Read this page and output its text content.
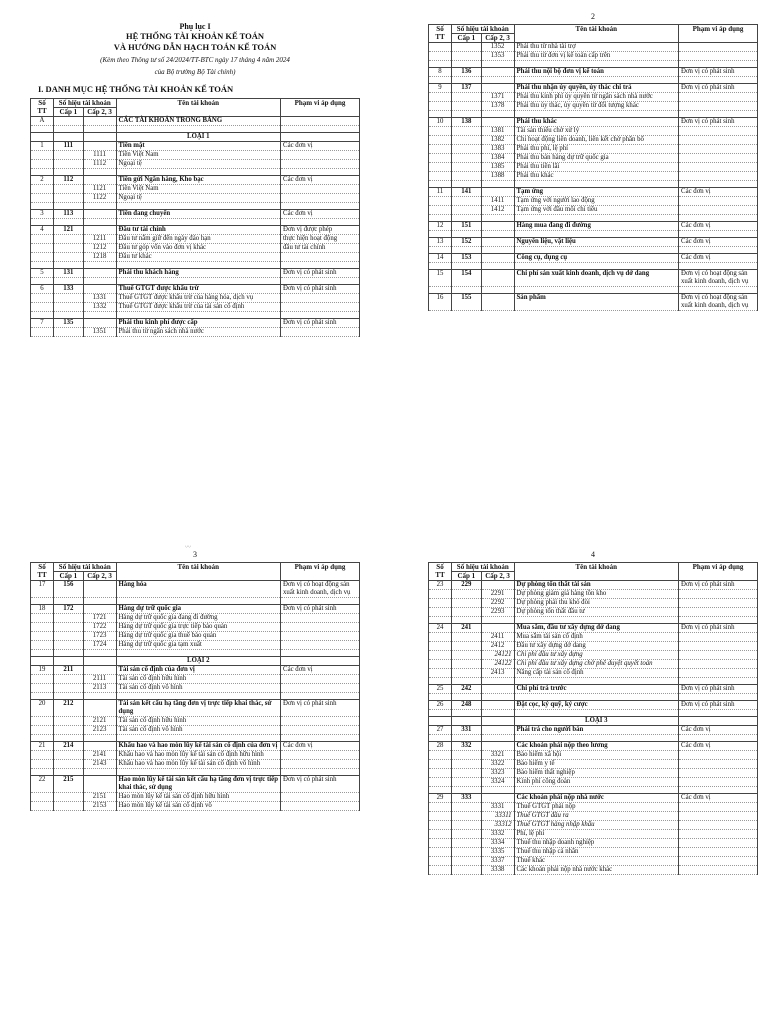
Phụ lục I
HỆ THỐNG TÀI KHOẢN KẾ TOÁN
VÀ HƯỚNG DẪN HẠCH TOÁN KẾ TOÁN
(Kèm theo Thông tư số 24/2024/TT-BTC ngày 17 tháng 4 năm 2024
của Bộ trưởng Bộ Tài chính)
I. DANH MỤC HỆ THỐNG TÀI KHOẢN KẾ TOÁN
Số TT	Số hiệu tài khoản		Tên tài khoản	Phạm vi áp dụng
	Cấp 1	Cấp 2, 3		
A			CÁC TÀI KHOẢN TRONG BẢNG	

			LOẠI 1	
1	111		Tiền mặt	Các đơn vị
		1111	Tiền Việt Nam	
		1112	Ngoại tệ	

2	112		Tiền gửi Ngân hàng, Kho bạc	Các đơn vị
		1121	Tiền Việt Nam	
		1122	Ngoại tệ	

3	113		Tiền đang chuyển	Các đơn vị

4	121		Đầu tư tài chính	Đơn vị được phép
		1211	Đầu tư nắm giữ đến ngày đáo hạn	thực hiện hoạt động
		1212	Đầu tư góp vốn vào đơn vị khác	đầu tư tài chính
		1218	Đầu tư khác	

5	131		Phải thu khách hàng	Đơn vị có phát sinh

6	133		Thuế GTGT được khấu trừ	Đơn vị có phát sinh
		1331	Thuế GTGT được khấu trừ của hàng hóa, dịch vụ	
		1332	Thuế GTGT được khấu trừ của tài sản cố định	

7	135		Phải thu kinh phí được cấp	Đơn vị có phát sinh
		1351	Phải thu từ ngân sách nhà nước	
2
Số TT	Số hiệu tài khoản		Tên tài khoản	Phạm vi áp dụng
	Cấp 1	Cấp 2, 3		
		1352	Phải thu từ nhà tài trợ	
		1353	Phải thu từ đơn vị kế toán cấp trên	

8	136		Phải thu nội bộ đơn vị kế toán	Đơn vị có phát sinh

9	137		Phải thu nhận ủy quyền, ủy thác chi trả	Đơn vị có phát sinh
		1371	Phải thu kinh phí ủy quyền từ ngân sách nhà nước	
		1378	Phải thu ủy thác, ủy quyền từ đối tượng khác	

10	138		Phải thu khác	Đơn vị có phát sinh
		1381	Tài sản thiếu chờ xử lý	
		1382	Chi hoạt động liên doanh, liên kết chờ phân bổ	
		1383	Phải thu phí, lệ phí	
		1384	Phải thu bán hàng dự trữ quốc gia	
		1385	Phải thu tiền lãi	
		1388	Phải thu khác	

11	141		Tạm ứng	Các đơn vị
		1411	Tạm ứng với người lao động	
		1412	Tạm ứng với đầu mối chi tiêu	

12	151		Hàng mua đang đi đường	Các đơn vị

13	152		Nguyên liệu, vật liệu	Các đơn vị

14	153		Công cụ, dụng cụ	Các đơn vị

15	154		Chi phí sản xuất kinh doanh, dịch vụ dở dang	Đơn vị có hoạt động sản xuất kinh doanh, dịch vụ

16	155		Sản phẩm	Đơn vị có hoạt động sản xuất kinh doanh, dịch vụ
3
Số TT	Số hiệu tài khoản		Tên tài khoản	Phạm vi áp dụng
	Cấp 1	Cấp 2, 3		
17	156		Hàng hóa	Đơn vị có hoạt động sản xuất kinh doanh, dịch vụ

18	172		Hàng dự trữ quốc gia	Đơn vị có phát sinh
		1721	Hàng dự trữ quốc gia đang đi đường	
		1722	Hàng dự trữ quốc gia trực tiếp bảo quản	
		1723	Hàng dự trữ quốc gia thuê bảo quản	
		1724	Hàng dự trữ quốc gia tạm xuất	

			LOẠI 2	
19	211		Tài sản cố định của đơn vị	Các đơn vị
		2111	Tài sản cố định hữu hình	
		2113	Tài sản cố định vô hình	

20	212		Tài sản kết cấu hạ tầng đơn vị trực tiếp khai thác, sử dụng	Đơn vị có phát sinh
		2121	Tài sản cố định hữu hình	
		2123	Tài sản cố định vô hình	

21	214		Khấu hao và hao mòn lũy kế tài sản cố định của đơn vị	Các đơn vị
		2141	Khấu hao và hao mòn lũy kế tài sản cố định hữu hình	
		2143	Khấu hao và hao mòn lũy kế tài sản cố định vô hình	

22	215		Hao mòn lũy kế tài sản kết cấu hạ tầng đơn vị trực tiếp khai thác, sử dụng	Đơn vị có phát sinh
		2151	Hao mòn lũy kế tài sản cố định hữu hình	
		2153	Hao mòn lũy kế tài sản cố định vô	
4
Số TT	Số hiệu tài khoản		Tên tài khoản	Phạm vi áp dụng
	Cấp 1	Cấp 2, 3		
23	229		Dự phòng tổn thất tài sản	Đơn vị có phát sinh
		2291	Dự phòng giảm giá hàng tồn kho	
		2292	Dự phòng phải thu khó đòi	
		2293	Dự phòng tổn thất đầu tư	

24	241		Mua sắm, đầu tư xây dựng dở dang	Đơn vị có phát sinh
		2411	Mua sắm tài sản cố định	
		2412	Đầu tư xây dựng dở dang	
		24121	Chi phí đầu tư xây dựng	
		24122	Chi phí đầu tư xây dựng chờ phê duyệt quyết toán	
		2413	Nâng cấp tài sản cố định	

25	242		Chi phí trả trước	Đơn vị có phát sinh

26	248		Đặt cọc, ký quỹ, ký cược	Đơn vị có phát sinh

			LOẠI 3	
27	331		Phải trả cho người bán	Các đơn vị

28	332		Các khoản phải nộp theo lương	Các đơn vị
		3321	Bảo hiểm xã hội	
		3322	Bảo hiểm y tế	
		3323	Bảo hiểm thất nghiệp	
		3324	Kinh phí công đoàn	

29	333		Các khoản phải nộp nhà nước	Các đơn vị
		3331	Thuế GTGT phải nộp	
		33311	Thuế GTGT đầu ra	
		33312	Thuế GTGT hàng nhập khẩu	
		3332	Phí, lệ phí	
		3334	Thuế thu nhập doanh nghiệp	
		3335	Thuế thu nhập cá nhân	
		3337	Thuế khác	
		3338	Các khoản phải nộp nhà nước khác	
